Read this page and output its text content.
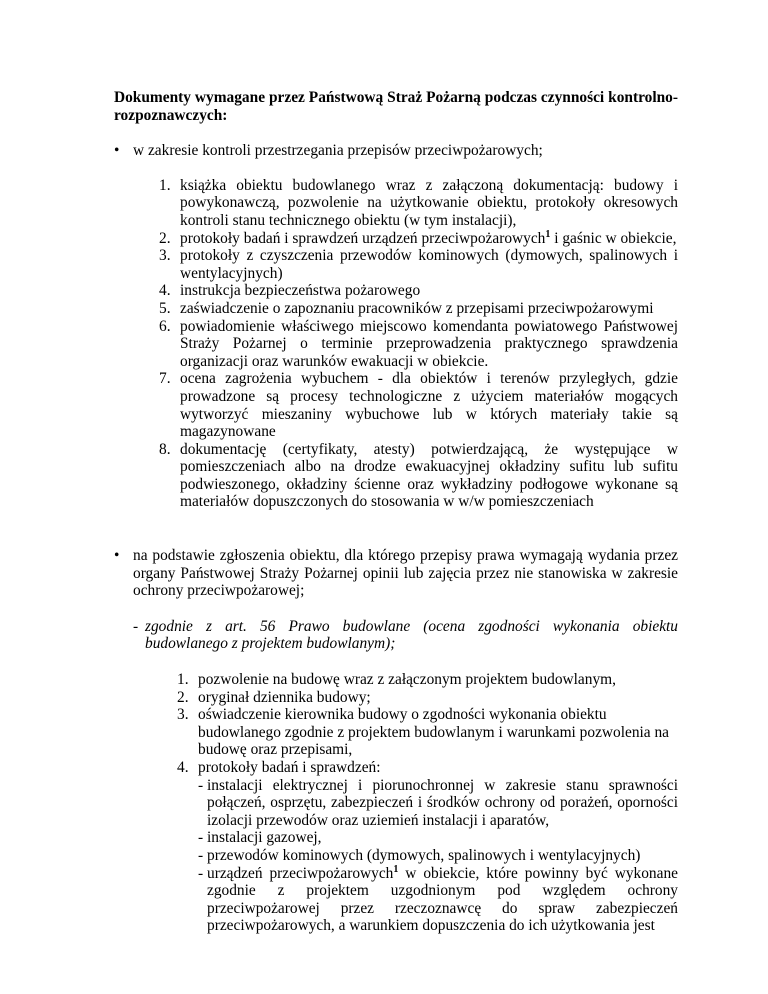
Dokumenty wymagane przez Państwową Straż Pożarną podczas czynności kontrolno-rozpoznawczych:
• w zakresie kontroli przestrzegania przepisów przeciwpożarowych;
1. książka obiektu budowlanego wraz z załączoną dokumentacją: budowy i powykonawczą, pozwolenie na użytkowanie obiektu, protokoły okresowych kontroli stanu technicznego obiektu (w tym instalacji),
2. protokoły badań i sprawdzeń urządzeń przeciwpożarowych$^1$ i gaśnic w obiekcie,
3. protokoły z czyszczenia przewodów kominowych (dymowych, spalinowych i wentylacyjnych)
4. instrukcja bezpieczeństwa pożarowego
5. zaświadczenie o zapoznaniu pracowników z przepisami przeciwpożarowymi
6. powiadomienie właściwego miejscowo komendanta powiatowego Państwowej Straży Pożarnej o terminie przeprowadzenia praktycznego sprawdzenia organizacji oraz warunków ewakuacji w obiekcie.
7. ocena zagrożenia wybuchem - dla obiektów i terenów przyległych, gdzie prowadzone są procesy technologiczne z użyciem materiałów mogących wytworzyć mieszaniny wybuchowe lub w których materiały takie są magazynowane
8. dokumentację (certyfikaty, atesty) potwierdzającą, że występujące w pomieszczeniach albo na drodze ewakuacyjnej okładziny sufitu lub sufitu podwieszonego, okładziny ścienne oraz wykładziny podłogowe wykonane są materiałów dopuszczonych do stosowania w w/w pomieszczeniach
• na podstawie zgłoszenia obiektu, dla którego przepisy prawa wymagają wydania przez organy Państwowej Straży Pożarnej opinii lub zajęcia przez nie stanowiska w zakresie ochrony przeciwpożarowej;
- zgodnie z art. 56 Prawo budowlane (ocena zgodności wykonania obiektu budowlanego z projektem budowlanym);
1. pozwolenie na budowę wraz z załączonym projektem budowlanym,
2. oryginał dziennika budowy;
3. oświadczenie kierownika budowy o zgodności wykonania obiektu budowlanego zgodnie z projektem budowlanym i warunkami pozwolenia na budowę oraz przepisami,
4. protokoły badań i sprawdzeń:
- instalacji elektrycznej i piorunochronnej w zakresie stanu sprawności połączeń, osprzętu, zabezpieczeń i środków ochrony od porażeń, oporności izolacji przewodów oraz uziemień instalacji i aparatów,
- instalacji gazowej,
- przewodów kominowych (dymowych, spalinowych i wentylacyjnych)
- urządzeń przeciwpożarowych$^1$ w obiekcie, które powinny być wykonane zgodnie z projektem uzgodnionym pod względem ochrony przeciwpożarowej przez rzeczoznawcę do spraw zabezpieczeń przeciwpożarowych, a warunkiem dopuszczenia do ich użytkowania jest
